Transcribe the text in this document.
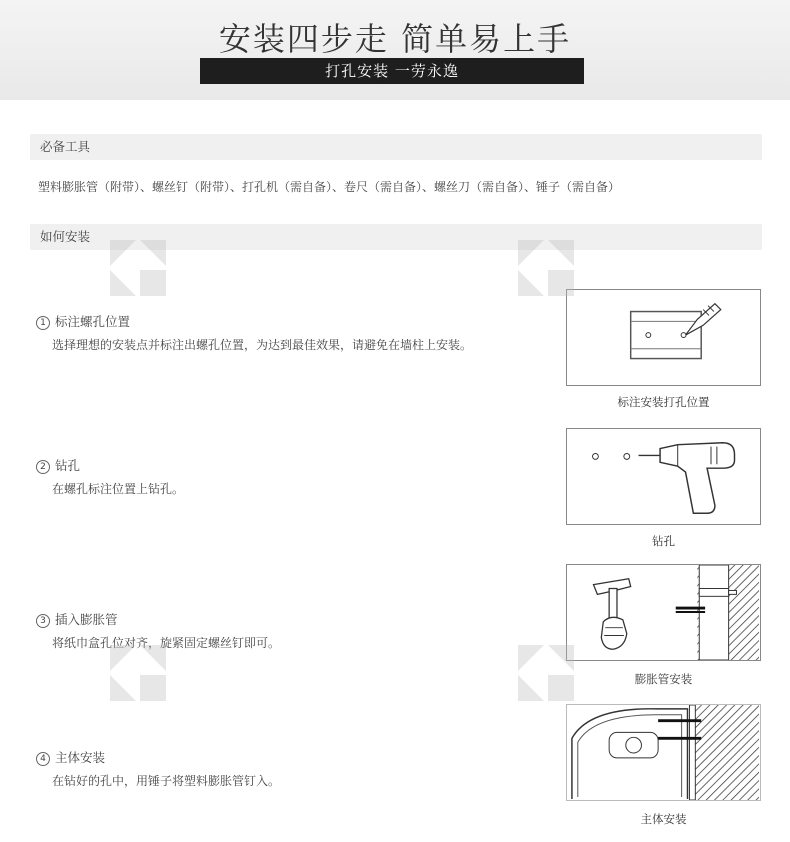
安装四步走 简单易上手
打孔安装 一劳永逸
必备工具
塑料膨胀管（附带）、螺丝钉（附带）、打孔机（需自备）、卷尺（需自备）、螺丝刀（需自备）、锤子（需自备）
如何安装
1 标注螺孔位置
选择理想的安装点并标注出螺孔位置，为达到最佳效果，请避免在墙柱上安装。
标注安装打孔位置
2 钻孔
在螺孔标注位置上钻孔。
钻孔
3 插入膨胀管
将纸巾盒孔位对齐，旋紧固定螺丝钉即可。
膨胀管安装
4 主体安装
在钻好的孔中，用锤子将塑料膨胀管钉入。
主体安装
